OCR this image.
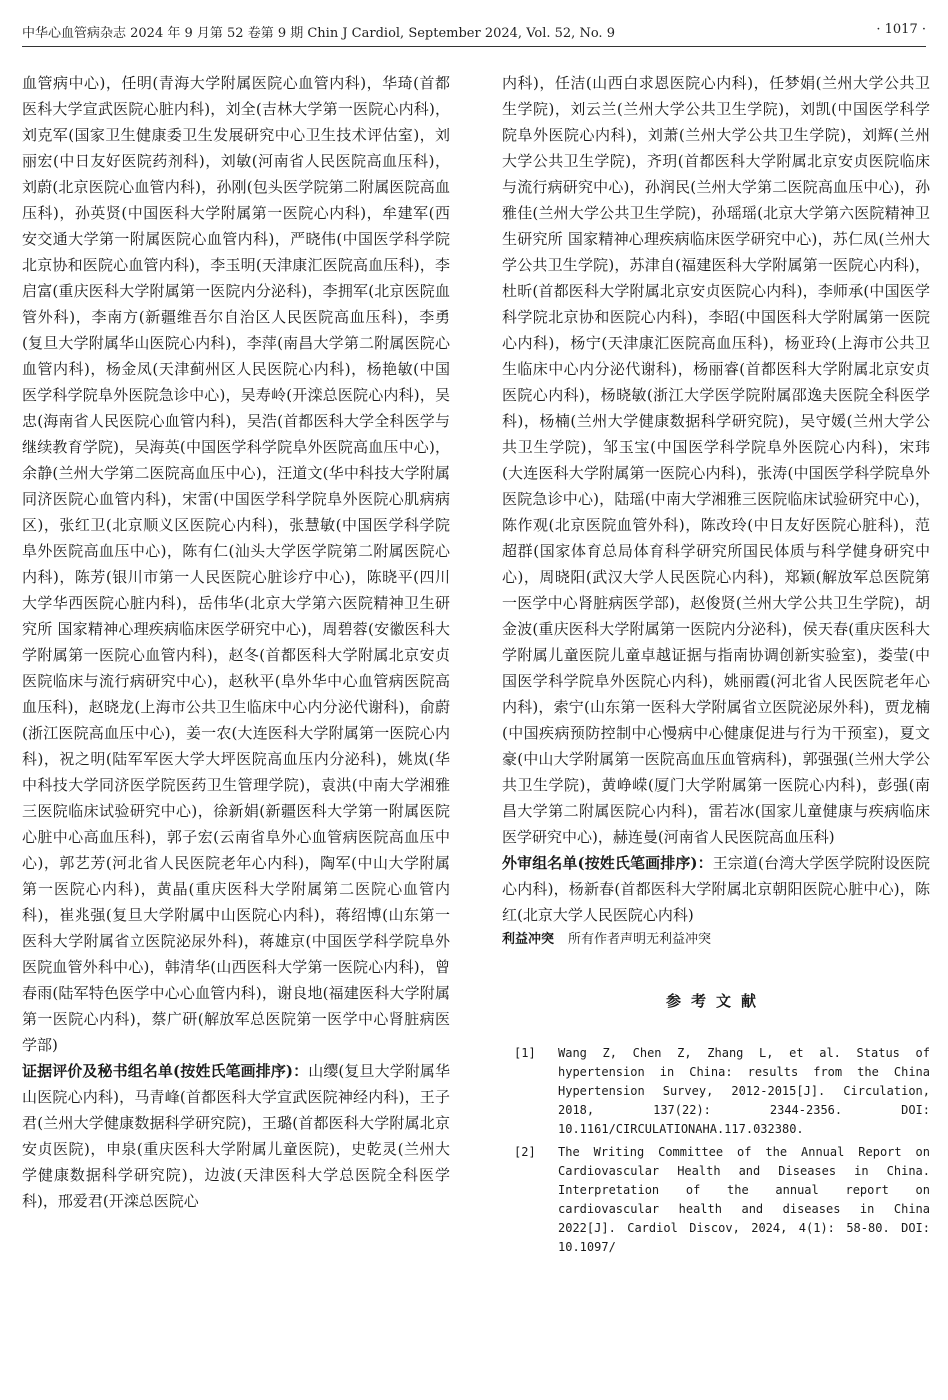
中华心血管病杂志 2024 年 9 月第 52 卷第 9 期 Chin J Cardiol, September 2024, Vol. 52, No. 9	· 1017 ·

血管病中心)，任明(青海大学附属医院心血管内科)，华琦(首都医科大学宣武医院心脏内科)，刘全(吉林大学第一医院心内科)，刘克军(国家卫生健康委卫生发展研究中心卫生技术评估室)，刘丽宏(中日友好医院药剂科)，刘敏(河南省人民医院高血压科)，刘蔚(北京医院心血管内科)，孙刚(包头医学院第二附属医院高血压科)，孙英贤(中国医科大学附属第一医院心内科)，牟建军(西安交通大学第一附属医院心血管内科)，严晓伟(中国医学科学院北京协和医院心血管内科)，李玉明(天津康汇医院高血压科)，李启富(重庆医科大学附属第一医院内分泌科)，李拥军(北京医院血管外科)，李南方(新疆维吾尔自治区人民医院高血压科)，李勇(复旦大学附属华山医院心内科)，李萍(南昌大学第二附属医院心血管内科)，杨金凤(天津蓟州区人民医院心内科)，杨艳敏(中国医学科学院阜外医院急诊中心)，吴寿岭(开滦总医院心内科)，吴忠(海南省人民医院心血管内科)，吴浩(首都医科大学全科医学与继续教育学院)，吴海英(中国医学科学院阜外医院高血压中心)，余静(兰州大学第二医院高血压中心)，汪道文(华中科技大学附属同济医院心血管内科)，宋雷(中国医学科学院阜外医院心肌病病区)，张红卫(北京顺义区医院心内科)，张慧敏(中国医学科学院阜外医院高血压中心)，陈有仁(汕头大学医学院第二附属医院心内科)，陈芳(银川市第一人民医院心脏诊疗中心)，陈晓平(四川大学华西医院心脏内科)，岳伟华(北京大学第六医院精神卫生研究所 国家精神心理疾病临床医学研究中心)，周碧蓉(安徽医科大学附属第一医院心血管内科)，赵冬(首都医科大学附属北京安贞医院临床与流行病研究中心)，赵秋平(阜外华中心血管病医院高血压科)，赵晓龙(上海市公共卫生临床中心内分泌代谢科)，俞蔚(浙江医院高血压中心)，姜一农(大连医科大学附属第一医院心内科)，祝之明(陆军军医大学大坪医院高血压内分泌科)，姚岚(华中科技大学同济医学院医药卫生管理学院)，袁洪(中南大学湘雅三医院临床试验研究中心)，徐新娟(新疆医科大学第一附属医院心脏中心高血压科)，郭子宏(云南省阜外心血管病医院高血压中心)，郭艺芳(河北省人民医院老年心内科)，陶军(中山大学附属第一医院心内科)，黄晶(重庆医科大学附属第二医院心血管内科)，崔兆强(复旦大学附属中山医院心内科)，蒋绍博(山东第一医科大学附属省立医院泌尿外科)，蒋雄京(中国医学科学院阜外医院血管外科中心)，韩清华(山西医科大学第一医院心内科)，曾春雨(陆军特色医学中心心血管内科)，谢良地(福建医科大学附属第一医院心内科)，蔡广研(解放军总医院第一医学中心肾脏病医学部)

证据评价及秘书组名单(按姓氏笔画排序)：山缨(复旦大学附属华山医院心内科)，马青峰(首都医科大学宣武医院神经内科)，王子君(兰州大学健康数据科学研究院)，王璐(首都医科大学附属北京安贞医院)，申泉(重庆医科大学附属儿童医院)，史乾灵(兰州大学健康数据科学研究院)，边波(天津医科大学总医院全科医学科)，邢爱君(开滦总医院心

内科)，任洁(山西白求恩医院心内科)，任梦娟(兰州大学公共卫生学院)，刘云兰(兰州大学公共卫生学院)，刘凯(中国医学科学院阜外医院心内科)，刘萧(兰州大学公共卫生学院)，刘辉(兰州大学公共卫生学院)，齐玥(首都医科大学附属北京安贞医院临床与流行病研究中心)，孙润民(兰州大学第二医院高血压中心)，孙雅佳(兰州大学公共卫生学院)，孙瑶瑶(北京大学第六医院精神卫生研究所 国家精神心理疾病临床医学研究中心)，苏仁凤(兰州大学公共卫生学院)，苏津自(福建医科大学附属第一医院心内科)，杜昕(首都医科大学附属北京安贞医院心内科)，李师承(中国医学科学院北京协和医院心内科)，李昭(中国医科大学附属第一医院心内科)，杨宁(天津康汇医院高血压科)，杨亚玲(上海市公共卫生临床中心内分泌代谢科)，杨丽睿(首都医科大学附属北京安贞医院心内科)，杨晓敏(浙江大学医学院附属邵逸夫医院全科医学科)，杨楠(兰州大学健康数据科学研究院)，吴守媛(兰州大学公共卫生学院)，邹玉宝(中国医学科学院阜外医院心内科)，宋玮(大连医科大学附属第一医院心内科)，张涛(中国医学科学院阜外医院急诊中心)，陆瑶(中南大学湘雅三医院临床试验研究中心)，陈作观(北京医院血管外科)，陈改玲(中日友好医院心脏科)，范超群(国家体育总局体育科学研究所国民体质与科学健身研究中心)，周晓阳(武汉大学人民医院心内科)，郑颖(解放军总医院第一医学中心肾脏病医学部)，赵俊贤(兰州大学公共卫生学院)，胡金波(重庆医科大学附属第一医院内分泌科)，侯天春(重庆医科大学附属儿童医院儿童卓越证据与指南协调创新实验室)，娄莹(中国医学科学院阜外医院心内科)，姚丽霞(河北省人民医院老年心内科)，索宁(山东第一医科大学附属省立医院泌尿外科)，贾龙楠(中国疾病预防控制中心慢病中心健康促进与行为干预室)，夏文豪(中山大学附属第一医院高血压血管病科)，郭强强(兰州大学公共卫生学院)，黄峥嵘(厦门大学附属第一医院心内科)，彭强(南昌大学第二附属医院心内科)，雷若冰(国家儿童健康与疾病临床医学研究中心)，赫连曼(河南省人民医院高血压科)

外审组名单(按姓氏笔画排序)：王宗道(台湾大学医学院附设医院心内科)，杨新春(首都医科大学附属北京朝阳医院心脏中心)，陈红(北京大学人民医院心内科)

利益冲突 所有作者声明无利益冲突

参考文献
[1]	Wang Z, Chen Z, Zhang L, et al. Status of hypertension in China: results from the China Hypertension Survey, 2012-2015[J]. Circulation, 2018, 137(22): 2344-2356. DOI: 10.1161/CIRCULATIONAHA.117.032380.
[2]	The Writing Committee of the Annual Report on Cardiovascular Health and Diseases in China. Interpretation of the annual report on cardiovascular health and diseases in China 2022[J]. Cardiol Discov, 2024, 4(1): 58-80. DOI: 10.1097/
